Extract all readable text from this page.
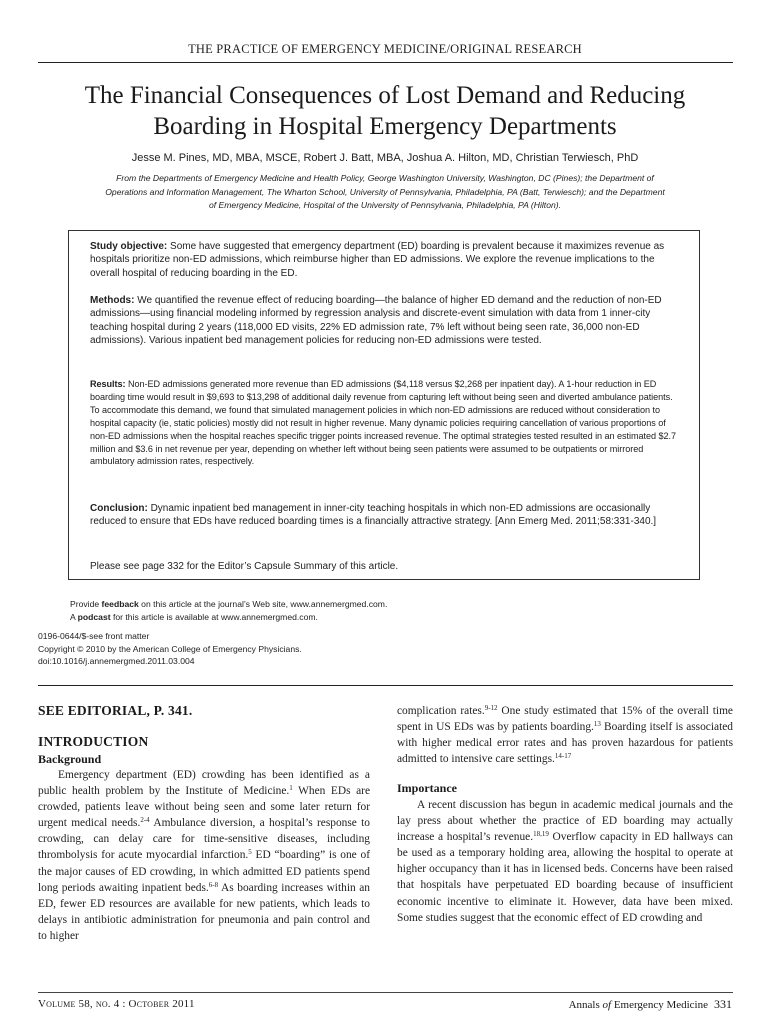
THE PRACTICE OF EMERGENCY MEDICINE/ORIGINAL RESEARCH
The Financial Consequences of Lost Demand and Reducing
Boarding in Hospital Emergency Departments
Jesse M. Pines, MD, MBA, MSCE, Robert J. Batt, MBA, Joshua A. Hilton, MD, Christian Terwiesch, PhD
From the Departments of Emergency Medicine and Health Policy, George Washington University, Washington, DC (Pines); the Department of
Operations and Information Management, The Wharton School, University of Pennsylvania, Philadelphia, PA (Batt, Terwiesch); and the Department
of Emergency Medicine, Hospital of the University of Pennsylvania, Philadelphia, PA (Hilton).
Study objective: Some have suggested that emergency department (ED) boarding is prevalent because it maximizes revenue as hospitals prioritize non-ED admissions, which reimburse higher than ED admissions. We explore the revenue implications to the overall hospital of reducing boarding in the ED.
Methods: We quantified the revenue effect of reducing boarding—the balance of higher ED demand and the reduction of non-ED admissions—using financial modeling informed by regression analysis and discrete-event simulation with data from 1 inner-city teaching hospital during 2 years (118,000 ED visits, 22% ED admission rate, 7% left without being seen rate, 36,000 non-ED admissions). Various inpatient bed management policies for reducing non-ED admissions were tested.
Results: Non-ED admissions generated more revenue than ED admissions ($4,118 versus $2,268 per inpatient day). A 1-hour reduction in ED boarding time would result in $9,693 to $13,298 of additional daily revenue from capturing left without being seen and diverted ambulance patients. To accommodate this demand, we found that simulated management policies in which non-ED admissions are reduced without consideration to hospital capacity (ie, static policies) mostly did not result in higher revenue. Many dynamic policies requiring cancellation of various proportions of non-ED admissions when the hospital reaches specific trigger points increased revenue. The optimal strategies tested resulted in an estimated $2.7 million and $3.6 in net revenue per year, depending on whether left without being seen patients were assumed to be outpatients or mirrored ambulatory admission rates, respectively.
Conclusion: Dynamic inpatient bed management in inner-city teaching hospitals in which non-ED admissions are occasionally reduced to ensure that EDs have reduced boarding times is a financially attractive strategy. [Ann Emerg Med. 2011;58:331-340.]
Please see page 332 for the Editor’s Capsule Summary of this article.
Provide feedback on this article at the journal’s Web site, www.annemergmed.com.
A podcast for this article is available at www.annemergmed.com.
0196-0644/$-see front matter
Copyright © 2010 by the American College of Emergency Physicians.
doi:10.1016/j.annemergmed.2011.03.004
SEE EDITORIAL, P. 341.
INTRODUCTION
Background

Emergency department (ED) crowding has been identified as a public health problem by the Institute of Medicine.$^1$ When EDs are crowded, patients leave without being seen and some later return for urgent medical needs.$^{2-4}$ Ambulance diversion, a hospital’s response to crowding, can delay care for time-sensitive diseases, including thrombolysis for acute myocardial infarction.$^5$ ED “boarding” is one of the major causes of ED crowding, in which admitted ED patients spend long periods awaiting inpatient beds.$^{6-8}$ As boarding increases within an ED, fewer ED resources are available for new patients, which leads to delays in antibiotic administration for pneumonia and pain control and to higher

complication rates.$^{9-12}$ One study estimated that 15% of the overall time spent in US EDs was by patients boarding.$^{13}$ Boarding itself is associated with higher medical error rates and has proven hazardous for patients admitted to intensive care settings.$^{14-17}$

Importance

A recent discussion has begun in academic medical journals and the lay press about whether the practice of ED boarding may actually increase a hospital’s revenue.$^{18,19}$ Overflow capacity in ED hallways can be used as a temporary holding area, allowing the hospital to operate at higher occupancy than it has in licensed beds. Concerns have been raised that hospitals have perpetuated ED boarding because of insufficient economic incentive to eliminate it. However, data have been mixed. Some studies suggest that the economic effect of ED crowding and

Volume 58, no. 4 : October 2011	Annals of Emergency Medicine 331
